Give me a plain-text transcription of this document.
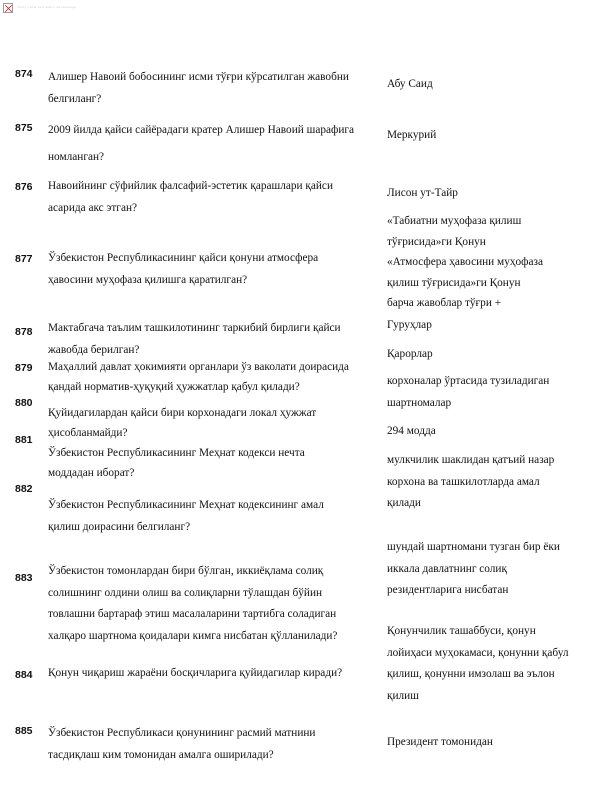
Ушбу расм ёки файл юкланмади
874 Алишер Навоий бобосининг исми тўғри кўрсатилган жавобни
белгиланг?
Абу Саид
875 2009 йилда қайси сайёрадаги кратер Алишер Навоий шарафига
номланган?
Меркурий
876 Навоийнинг сўфийлик фалсафий-эстетик қарашлари қайси
асарида акс этган?
Лисон ут-Тайр
877 Ўзбекистон Республикасининг қайси қонуни атмосфера
ҳавосини муҳофаза қилишга қаратилган?
«Табиатни муҳофаза қилиш
тўғрисида»ги Қонун
«Атмосфера ҳавосини муҳофаза
қилиш тўғрисида»ги Қонун
барча жавоблар тўғри +
878 Мактабгача таълим ташкилотининг таркибий бирлиги қайси
жавобда берилган?
Гуруҳлар
879 Маҳаллий давлат ҳокимияти органлари ўз ваколати доирасида
қандай норматив-ҳуқуқий ҳужжатлар қабул қилади?
Қарорлар
880
Қуйидагилардан қайси бири корхонадаги локал ҳужжат
ҳисобланмайди?
корхоналар ўртасида тузиладиган
шартномалар
881
Ўзбекистон Республикасининг Меҳнат кодекси нечта
моддадан иборат?
294 модда
882
Ўзбекистон Республикасининг Меҳнат кодексининг амал
қилиш доирасини белгиланг?
мулкчилик шаклидан қатъий назар
корхона ва ташкилотларда амал
қилади
883
Ўзбекистон томонлардан бири бўлган, иккиёқлама солиқ
солишнинг олдини олиш ва солиқларни тўлашдан бўйин
товлашни бартараф этиш масалаларини тартибга соладиган
халқаро шартнома қоидалари кимга нисбатан қўлланилади?
шундай шартномани тузган бир ёки
иккала давлатнинг солиқ
резидентларига нисбатан
884 Қонун чиқариш жараёни босқичларига қуйидагилар киради?
Қонунчилик ташаббуси, қонун
лойиҳаси муҳокамаси, қонунни қабул
қилиш, қонунни имзолаш ва эълон
қилиш
885 Ўзбекистон Республикаси қонунининг расмий матнини
тасдиқлаш ким томонидан амалга оширилади?
Президент томонидан
